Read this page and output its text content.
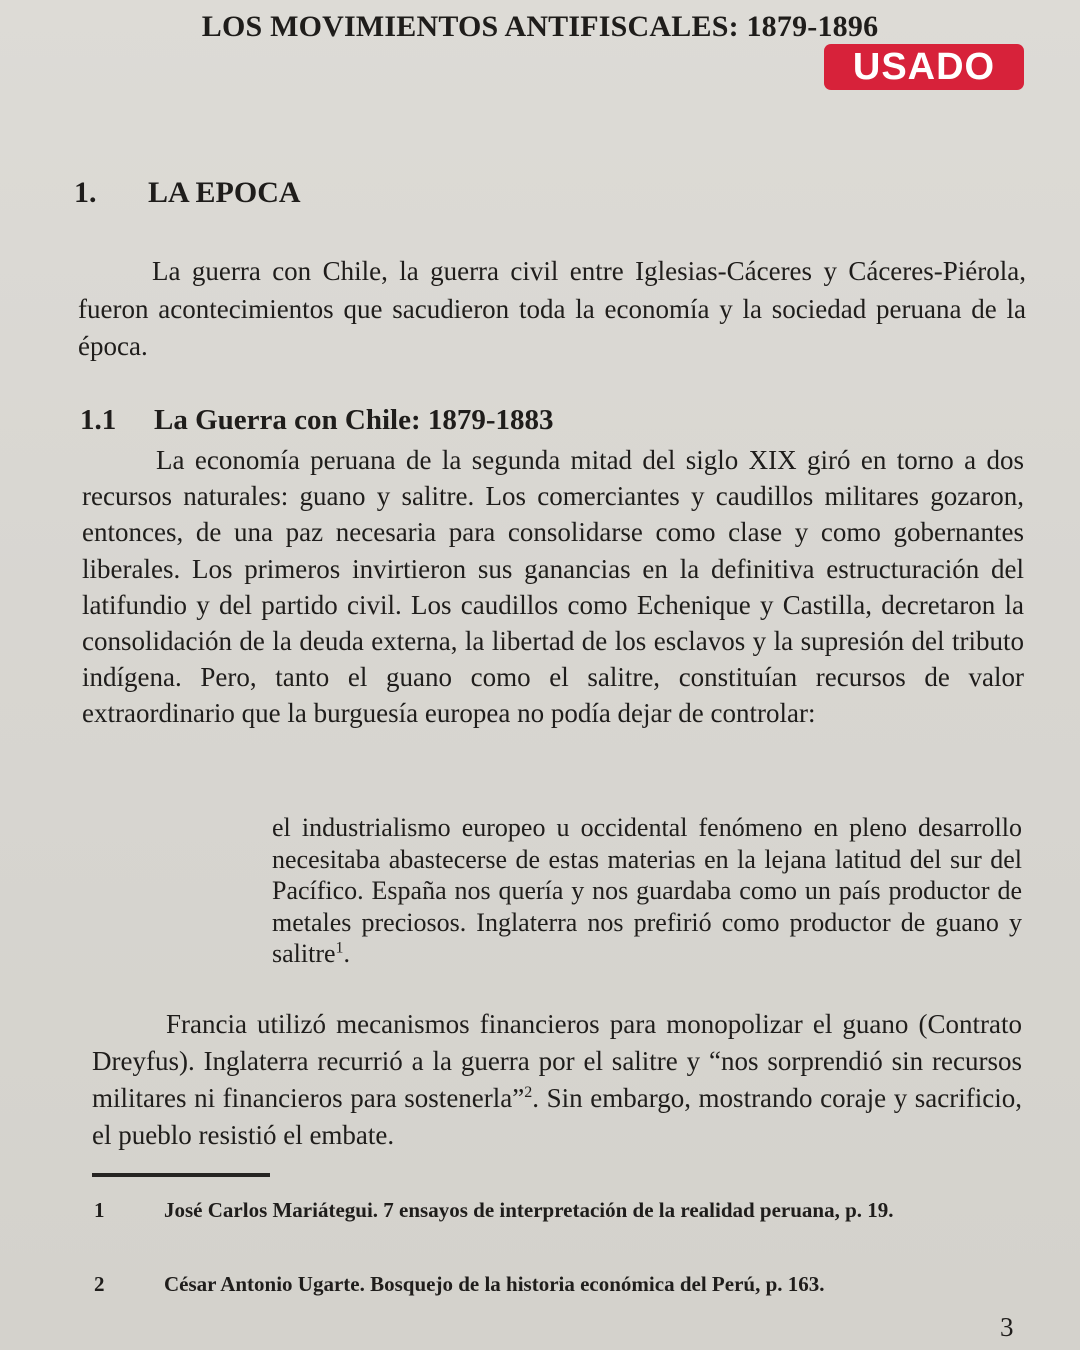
LOS MOVIMIENTOS ANTIFISCALES: 1879-1896
USADO
1. LA EPOCA

La guerra con Chile, la guerra civil entre Iglesias-Cáceres y Cáceres-Piérola, fueron acontecimientos que sacudieron toda la economía y la sociedad peruana de la época.

1.1 La Guerra con Chile: 1879-1883

La economía peruana de la segunda mitad del siglo XIX giró en torno a dos recursos naturales: guano y salitre. Los comerciantes y caudillos militares gozaron, entonces, de una paz necesaria para consolidarse como clase y como gobernantes liberales. Los primeros invirtieron sus ganancias en la definitiva estructuración del latifundio y del partido civil. Los caudillos como Echenique y Castilla, decretaron la consolidación de la deuda externa, la libertad de los esclavos y la supresión del tributo indígena. Pero, tanto el guano como el salitre, constituían recursos de valor extraordinario que la burguesía europea no podía dejar de controlar:

el industrialismo europeo u occidental fenómeno en pleno desarrollo necesitaba abastecerse de estas materias en la lejana latitud del sur del Pacífico. España nos quería y nos guardaba como un país productor de metales preciosos. Inglaterra nos prefirió como productor de guano y salitre$^1$.

Francia utilizó mecanismos financieros para monopolizar el guano (Contrato Dreyfus). Inglaterra recurrió a la guerra por el salitre y “nos sorprendió sin recursos militares ni financieros para sostenerla”$^2$. Sin embargo, mostrando coraje y sacrificio, el pueblo resistió el embate.

1	José Carlos Mariátegui. 7 ensayos de interpretación de la realidad peruana, p. 19.
2	César Antonio Ugarte. Bosquejo de la historia económica del Perú, p. 163.
3
